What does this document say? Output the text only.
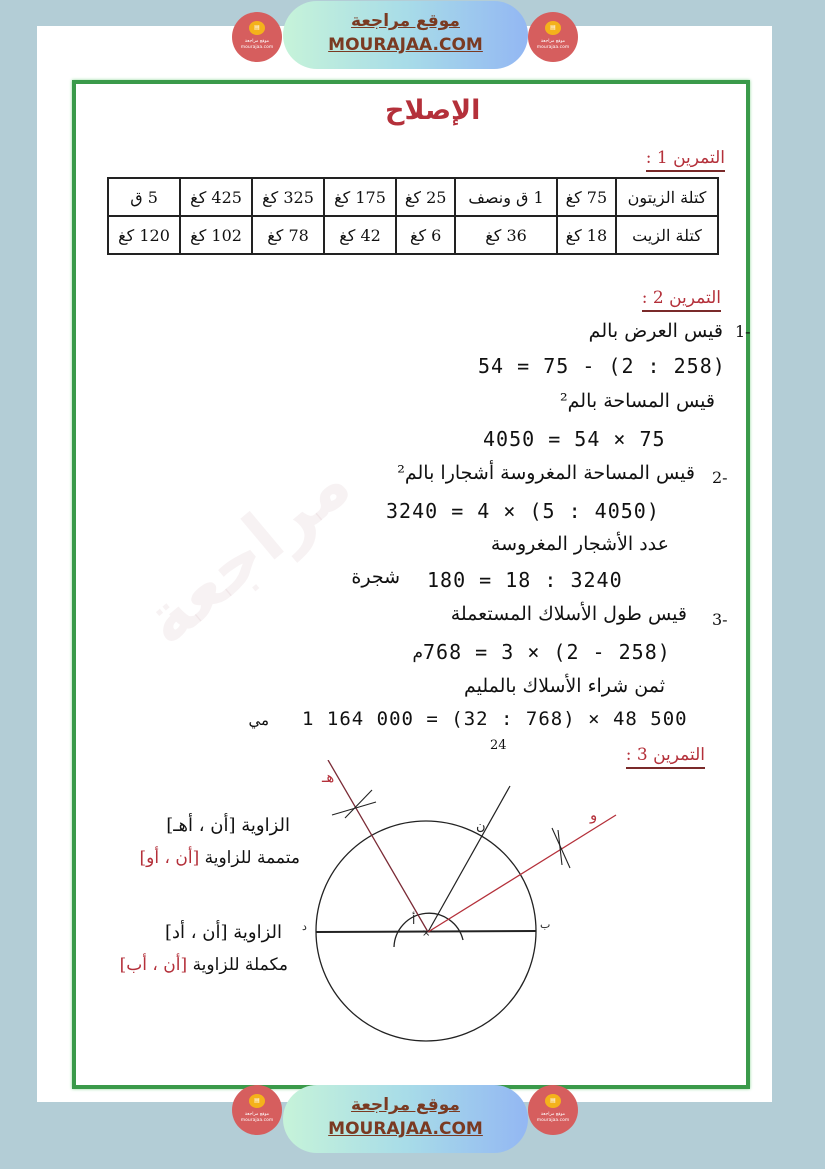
▤
موقع مراجعة
mourajaa.com
موقع مراجعة
MOURAJAA.COM
▤
موقع مراجعة
mourajaa.com
مراجعة
الإصلاح
التمرين 1 :
كتلة الزيتون	75 كغ	1 ق ونصف	25 كغ	175 كغ	325 كغ	425 كغ	5 ق
كتلة الزيت	18 كغ	36 كغ	6 كغ	42 كغ	78 كغ	102 كغ	120 كغ
التمرين 2 :
1-
قيس العرض بالم
54 = 75 - (2 : 258)
قيس المساحة بالم²
4050 = 54 × 75
2-
قيس المساحة المغروسة أشجارا بالم²
3240 = 4 × (5 : 4050)
عدد الأشجار المغروسة
180 = 18 : 3240
شجرة
3-
قيس طول الأسلاك المستعملة
م 768 = 3 × (2 - 258)
ثمن شراء الأسلاك بالمليم
مي 1 164 000 = (32 : 768) × 48 500
24	التمرين 3 :
الزاوية [أن ، أهـ]
متممة للزاوية [أن ، أو]
الزاوية [أن ، أد]
مكملة للزاوية [أن ، أب]
هـ
ن
و
د	ب
أ
×
▤
موقع مراجعة
mourajaa.com
موقع مراجعة
MOURAJAA.COM
▤
موقع مراجعة
mourajaa.com
